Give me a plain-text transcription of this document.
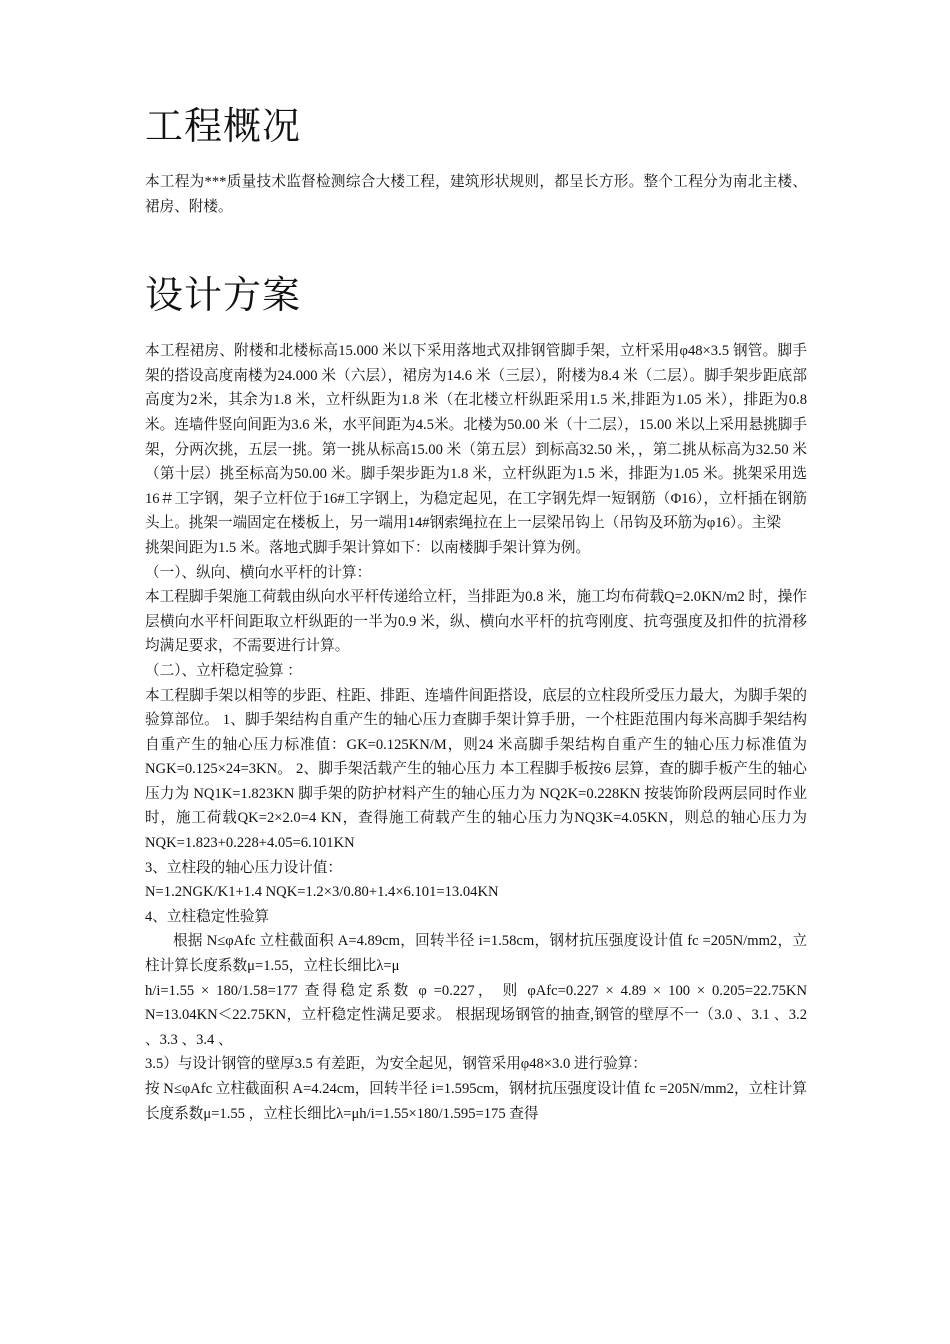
工程概况

本工程为***质量技术监督检测综合大楼工程，建筑形状规则，都呈长方形。整个工程分为南北主楼、裙房、附楼。

设计方案

本工程裙房、附楼和北楼标高15.000 米以下采用落地式双排钢管脚手架，立杆采用φ48×3.5 钢管。脚手架的搭设高度南楼为24.000 米（六层），裙房为14.6 米（三层），附楼为8.4 米（二层）。脚手架步距底部高度为2米，其余为1.8 米，立杆纵距为1.8 米（在北楼立杆纵距采用1.5 米,排距为1.05 米），排距为0.8 米。连墙件竖向间距为3.6 米，水平间距为4.5米。北楼为50.00 米（十二层），15.00 米以上采用悬挑脚手架，分两次挑，五层一挑。第一挑从标高15.00 米（第五层）到标高32.50 米，，第二挑从标高为32.50 米（第十层）挑至标高为50.00 米。脚手架步距为1.8 米，立杆纵距为1.5 米，排距为1.05 米。挑架采用选16＃工字钢，架子立杆位于16#工字钢上，为稳定起见，在工字钢先焊一短钢筋（Φ16），立杆插在钢筋头上。挑架一端固定在楼板上，另一端用14#钢索绳拉在上一层梁吊钩上（吊钩及环筋为φ16）。主梁

挑架间距为1.5 米。落地式脚手架计算如下：以南楼脚手架计算为例。

（一）、纵向、横向水平杆的计算：

本工程脚手架施工荷载由纵向水平杆传递给立杆，当排距为0.8 米，施工均布荷载Q=2.0KN/m2 时，操作层横向水平杆间距取立杆纵距的一半为0.9 米，纵、横向水平杆的抗弯刚度、抗弯强度及扣件的抗滑移均满足要求，不需要进行计算。

（二）、立杆稳定验算 ：

本工程脚手架以相等的步距、柱距、排距、连墙件间距搭设，底层的立柱段所受压力最大，为脚手架的验算部位。 1、脚手架结构自重产生的轴心压力查脚手架计算手册，一个柱距范围内每米高脚手架结构自重产生的轴心压力标准值：GK=0.125KN/M，则24 米高脚手架结构自重产生的轴心压力标准值为NGK=0.125×24=3KN。 2、脚手架活载产生的轴心压力 本工程脚手板按6 层算，查的脚手板产生的轴心压力为 NQ1K=1.823KN 脚手架的防护材料产生的轴心压力为 NQ2K=0.228KN 按装饰阶段两层同时作业时，施工荷载QK=2×2.0=4 KN，查得施工荷载产生的轴心压力为NQ3K=4.05KN，则总的轴心压力为NQK=1.823+0.228+4.05=6.101KN

3、立柱段的轴心压力设计值：

N=1.2NGK/K1+1.4 NQK=1.2×3/0.80+1.4×6.101=13.04KN

4、立柱稳定性验算

根据 N≤φAfc 立柱截面积 A=4.89cm，回转半径 i=1.58cm，钢材抗压强度设计值 fc =205N/mm2，立柱计算长度系数μ=1.55，立柱长细比λ=μ

h/i=1.55 × 180/1.58=177 查得稳定系数 φ =0.227， 则 φAfc=0.227 × 4.89 × 100 × 0.205=22.75KN N=13.04KN＜22.75KN，立杆稳定性满足要求。 根据现场钢管的抽查,钢管的壁厚不一（3.0 、3.1 、3.2 、3.3 、3.4 、

3.5）与设计钢管的壁厚3.5 有差距，为安全起见，钢管采用φ48×3.0 进行验算：

按 N≤φAfc 立柱截面积 A=4.24cm，回转半径 i=1.595cm，钢材抗压强度设计值 fc =205N/mm2，立柱计算长度系数μ=1.55 ，立柱长细比λ=μh/i=1.55×180/1.595=175 查得
